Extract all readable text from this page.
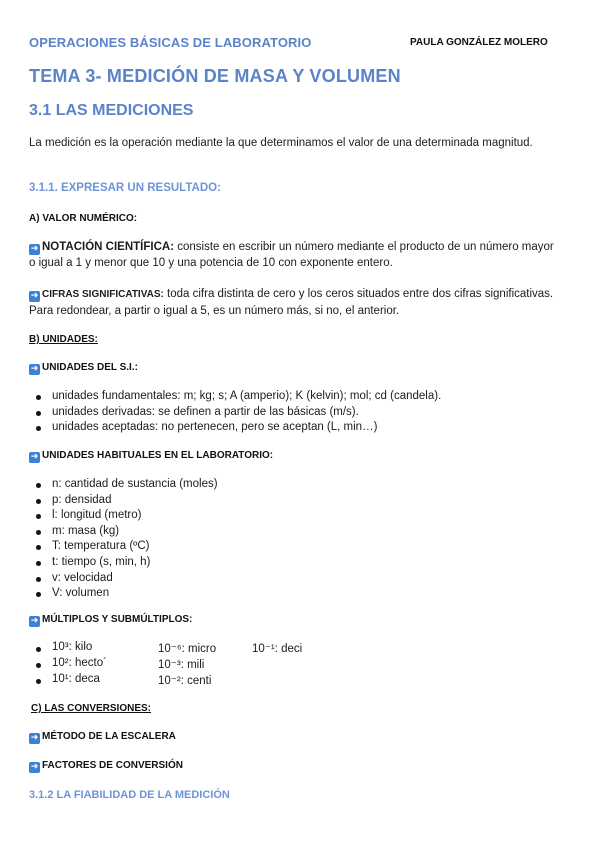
OPERACIONES BÁSICAS DE LABORATORIO	PAULA GONZÁLEZ MOLERO
TEMA 3- MEDICIÓN DE MASA Y VOLUMEN
3.1 LAS MEDICIONES
La medición es la operación mediante la que determinamos el valor de una determinada magnitud.
3.1.1. EXPRESAR UN RESULTADO:
A) VALOR NUMÉRICO:
➜ NOTACIÓN CIENTÍFICA: consiste en escribir un número mediante el producto de un número mayor o igual a 1 y menor que 10 y una potencia de 10 con exponente entero.
➜ CIFRAS SIGNIFICATIVAS: toda cifra distinta de cero y los ceros situados entre dos cifras significativas. Para redondear, a partir o igual a 5, es un número más, si no, el anterior.
B) UNIDADES:
➜ UNIDADES DEL S.I.:
unidades fundamentales: m; kg; s; A (amperio); K (kelvin); mol; cd (candela).
unidades derivadas: se definen a partir de las básicas (m/s).
unidades aceptadas: no pertenecen, pero se aceptan (L, min…)
➜ UNIDADES HABITUALES EN EL LABORATORIO:
n: cantidad de sustancia (moles)
p: densidad
l: longitud (metro)
m: masa (kg)
T: temperatura (ºC)
t: tiempo (s, min, h)
v: velocidad
V: volumen
➜ MÚLTIPLOS Y SUBMÚLTIPLOS:
10³: kilo	10⁻⁶: micro	10⁻¹: deci
10²: hecto´	10⁻³: mili
10¹: deca	10⁻²: centi
C) LAS CONVERSIONES:
➜ MÉTODO DE LA ESCALERA
➜ FACTORES DE CONVERSIÓN
3.1.2 LA FIABILIDAD DE LA MEDICIÓN
